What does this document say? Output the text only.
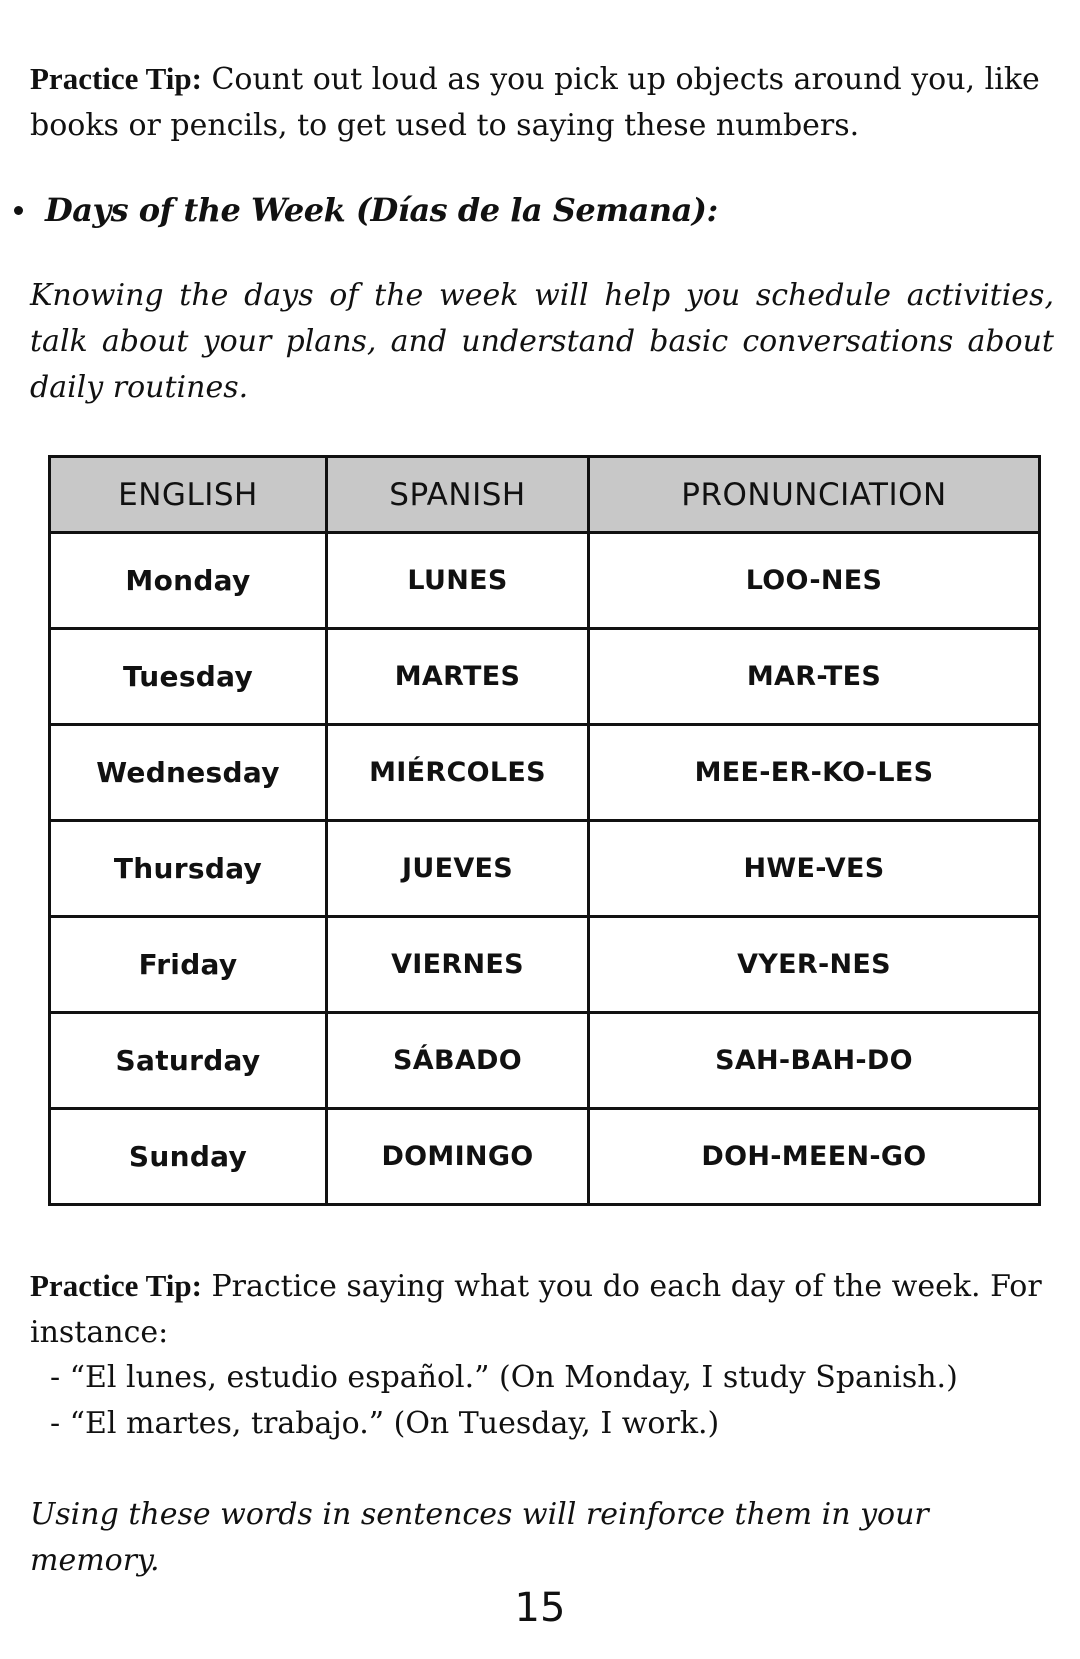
Practice Tip: Count out loud as you pick up objects around you, like books or pencils, to get used to saying these numbers.

Days of the Week (Días de la Semana):

Knowing the days of the week will help you schedule activities, talk about your plans, and understand basic conversations about daily routines.

ENGLISH	SPANISH	PRONUNCIATION
Monday	LUNES	LOO-NES
Tuesday	MARTES	MAR-TES
Wednesday	MIÉRCOLES	MEE-ER-KO-LES
Thursday	JUEVES	HWE-VES
Friday	VIERNES	VYER-NES
Saturday	SÁBADO	SAH-BAH-DO
Sunday	DOMINGO	DOH-MEEN-GO

Practice Tip: Practice saying what you do each day of the week. For instance:

- “El lunes, estudio español.” (On Monday, I study Spanish.)

- “El martes, trabajo.” (On Tuesday, I work.)

Using these words in sentences will reinforce them in your memory.

15
